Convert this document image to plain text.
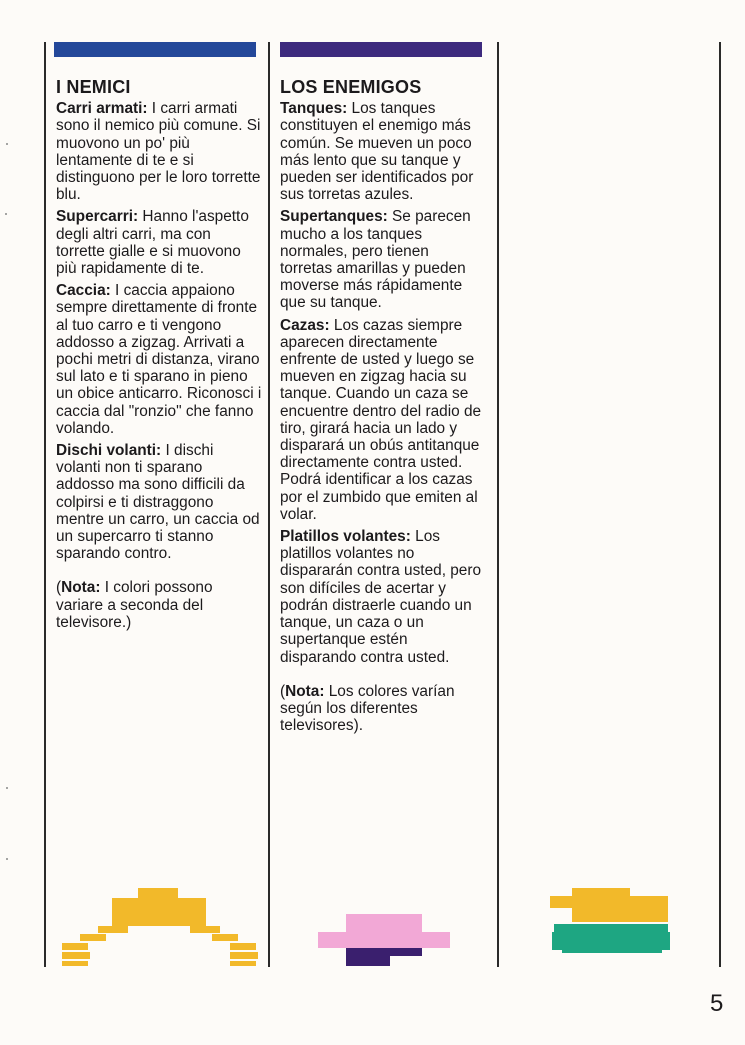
I NEMICI

Carri armati: I carri armati sono il nemico più comune. Si muovono un po' più lentamente di te e si distinguono per le loro torrette blu.

Supercarri: Hanno l'aspetto degli altri carri, ma con torrette gialle e si muovono più rapidamente di te.

Caccia: I caccia appaiono sempre direttamente di fronte al tuo carro e ti vengono addosso a zigzag. Arrivati a pochi metri di distanza, virano sul lato e ti sparano in pieno un obice anticarro. Riconosci i caccia dal "ronzio" che fanno volando.

Dischi volanti: I dischi volanti non ti sparano addosso ma sono difficili da colpirsi e ti distraggono mentre un carro, un caccia od un supercarro ti stanno sparando contro.

(Nota: I colori possono variare a seconda del televisore.)

LOS ENEMIGOS

Tanques: Los tanques constituyen el enemigo más común. Se mueven un poco más lento que su tanque y pueden ser identificados por sus torretas azules.

Supertanques: Se parecen mucho a los tanques normales, pero tienen torretas amarillas y pueden moverse más rápidamente que su tanque.

Cazas: Los cazas siempre aparecen directamente enfrente de usted y luego se mueven en zigzag hacia su tanque. Cuando un caza se encuentre dentro del radio de tiro, girará hacia un lado y disparará un obús antitanque directamente contra usted. Podrá identificar a los cazas por el zumbido que emiten al volar.

Platillos volantes: Los platillos volantes no dispararán contra usted, pero son difíciles de acertar y podrán distraerle cuando un tanque, un caza o un supertanque estén disparando contra usted.

(Nota: Los colores varían según los diferentes televisores).

5
